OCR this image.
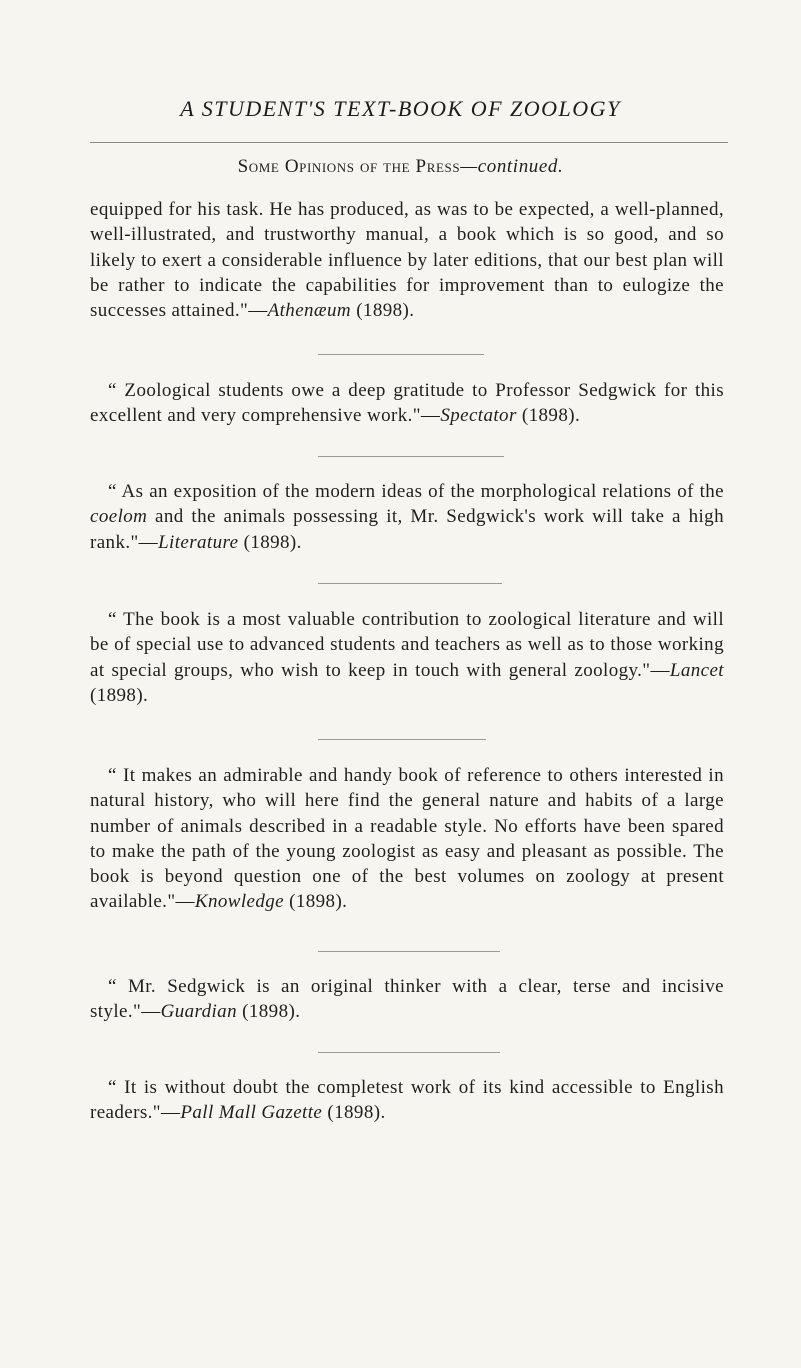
A STUDENT'S TEXT-BOOK OF ZOOLOGY
Some Opinions of the Press—continued.

equipped for his task. He has produced, as was to be expected, a well-planned, well-illustrated, and trustworthy manual, a book which is so good, and so likely to exert a considerable influence by later editions, that our best plan will be rather to indicate the capabilities for improvement than to eulogize the successes attained."—Athenæum (1898).

“ Zoological students owe a deep gratitude to Professor Sedgwick for this excellent and very comprehensive work."—Spectator (1898).

“ As an exposition of the modern ideas of the morphological relations of the coelom and the animals possessing it, Mr. Sedgwick's work will take a high rank."—Literature (1898).

“ The book is a most valuable contribution to zoological literature and will be of special use to advanced students and teachers as well as to those working at special groups, who wish to keep in touch with general zoology."—Lancet (1898).

“ It makes an admirable and handy book of reference to others interested in natural history, who will here find the general nature and habits of a large number of animals described in a readable style. No efforts have been spared to make the path of the young zoologist as easy and pleasant as possible. The book is beyond question one of the best volumes on zoology at present available."—Knowledge (1898).

“ Mr. Sedgwick is an original thinker with a clear, terse and incisive style."—Guardian (1898).

“ It is without doubt the completest work of its kind accessible to English readers."—Pall Mall Gazette (1898).
